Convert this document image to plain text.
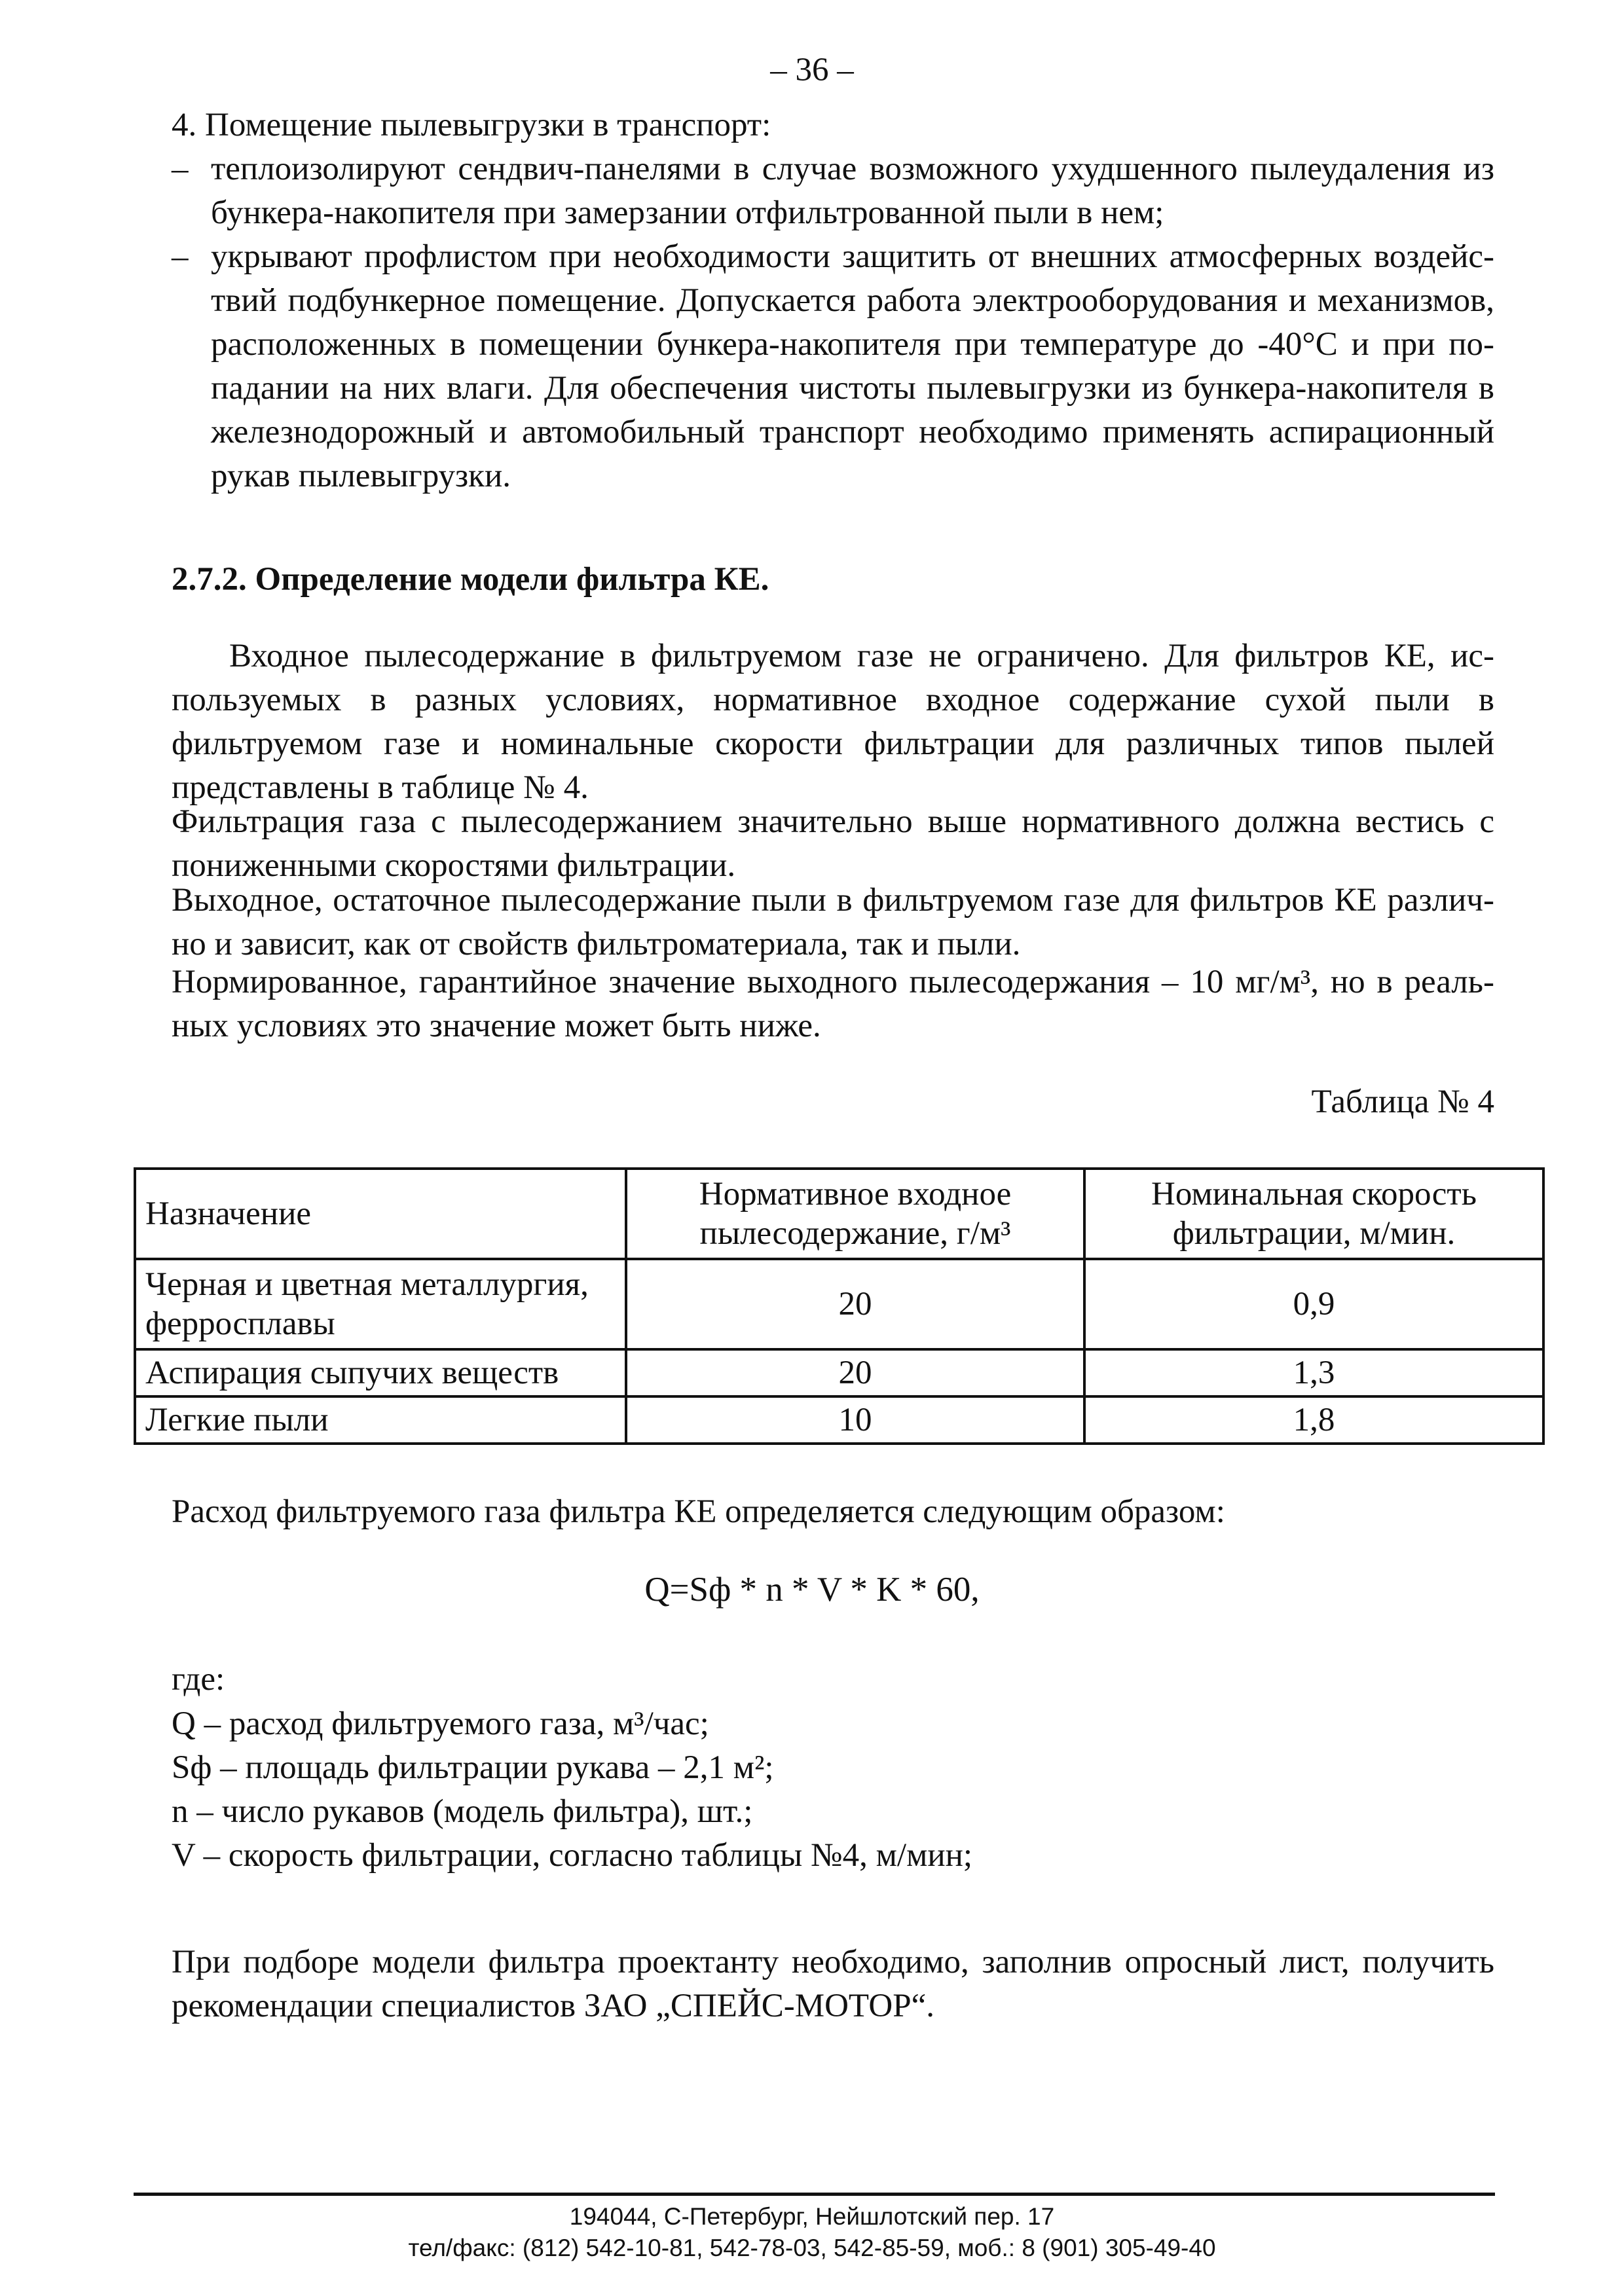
– 36 –
4. Помещение пылевыгрузки в транспорт:
– теплоизолируют сендвич-панелями в случае возможного ухудшенного пылеудаления из бункера-накопителя при замерзании отфильтрованной пыли в нем;
– укрывают профлистом при необходимости защитить от внешних атмосферных воздейс-твий подбункерное помещение. Допускается работа электрооборудования и механизмов, расположенных в помещении бункера-накопителя при температуре до -40°С и при по-падании на них влаги. Для обеспечения чистоты пылевыгрузки из бункера-накопителя в железнодорожный и автомобильный транспорт необходимо применять аспирационный рукав пылевыгрузки.
2.7.2. Определение модели фильтра КЕ.
Входное пылесодержание в фильтруемом газе не ограничено. Для фильтров КЕ, ис-пользуемых в разных условиях, нормативное входное содержание сухой пыли в фильтруемом газе и номинальные скорости фильтрации для различных типов пылей представлены в таблице № 4.
Фильтрация газа с пылесодержанием значительно выше нормативного должна вестись с пониженными скоростями фильтрации.
Выходное, остаточное пылесодержание пыли в фильтруемом газе для фильтров КЕ различ-но и зависит, как от свойств фильтроматериала, так и пыли.
Нормированное, гарантийное значение выходного пылесодержания – 10 мг/м³, но в реаль-ных условиях это значение может быть ниже.
Таблица № 4
Назначение	Нормативное входное пылесодержание, г/м³	Номинальная скорость фильтрации, м/мин.
Черная и цветная металлургия, ферросплавы	20	0,9
Аспирация сыпучих веществ	20	1,3
Легкие пыли	10	1,8
Расход фильтруемого газа фильтра КЕ определяется следующим образом:
Q=Sф * n * V * K * 60,
где:
Q – расход фильтруемого газа, м³/час;
Sф – площадь фильтрации рукава – 2,1 м²;
n – число рукавов (модель фильтра), шт.;
V – скорость фильтрации, согласно таблицы №4, м/мин;
При подборе модели фильтра проектанту необходимо, заполнив опросный лист, получить рекомендации специалистов ЗАО „СПЕЙС-МОТОР“.
194044, С-Петербург, Нейшлотский пер. 17
тел/факс: (812) 542-10-81, 542-78-03, 542-85-59, моб.: 8 (901) 305-49-40
